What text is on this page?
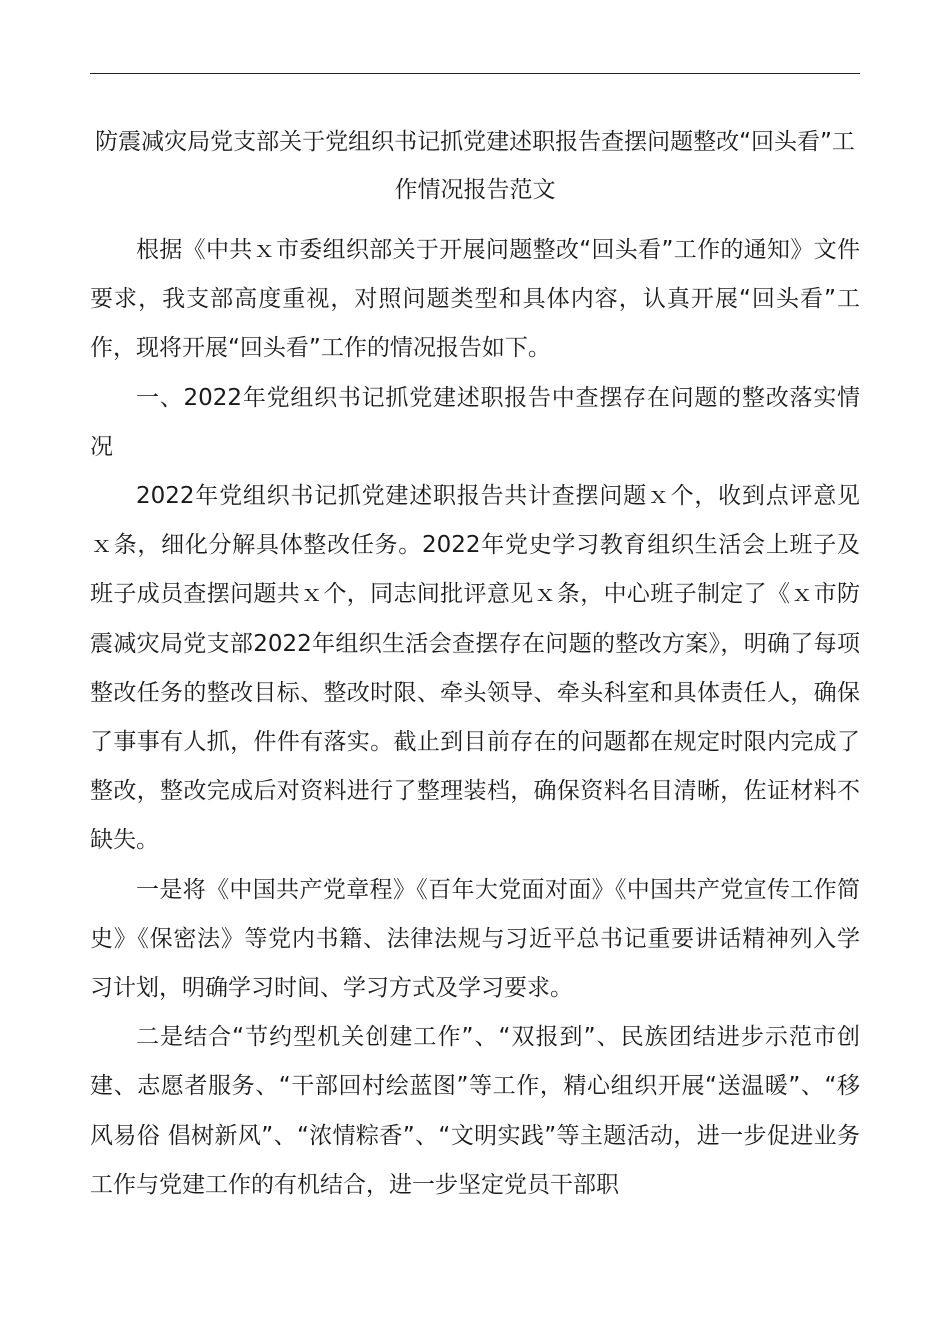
防震减灾局党支部关于党组织书记抓党建述职报告查摆问题整改“回头看”工作情况报告范文

根据《中共ｘ市委组织部关于开展问题整改“回头看”工作的通知》文件要求，我支部高度重视，对照问题类型和具体内容，认真开展“回头看”工作，现将开展“回头看”工作的情况报告如下。

一、2022年党组织书记抓党建述职报告中查摆存在问题的整改落实情况

2022年党组织书记抓党建述职报告共计查摆问题ｘ个，收到点评意见ｘ条，细化分解具体整改任务。2022年党史学习教育组织生活会上班子及班子成员查摆问题共ｘ个，同志间批评意见ｘ条，中心班子制定了《ｘ市防震减灾局党支部2022年组织生活会查摆存在问题的整改方案》，明确了每项整改任务的整改目标、整改时限、牵头领导、牵头科室和具体责任人，确保了事事有人抓，件件有落实。截止到目前存在的问题都在规定时限内完成了整改，整改完成后对资料进行了整理装档，确保资料名目清晰，佐证材料不缺失。

一是将《中国共产党章程》《百年大党面对面》《中国共产党宣传工作简史》《保密法》等党内书籍、法律法规与习近平总书记重要讲话精神列入学习计划，明确学习时间、学习方式及学习要求。

二是结合“节约型机关创建工作”、“双报到”、民族团结进步示范市创建、志愿者服务、“干部回村绘蓝图”等工作，精心组织开展“送温暖”、“移风易俗 倡树新风”、“浓情粽香”、“文明实践”等主题活动，进一步促进业务工作与党建工作的有机结合，进一步坚定党员干部职
